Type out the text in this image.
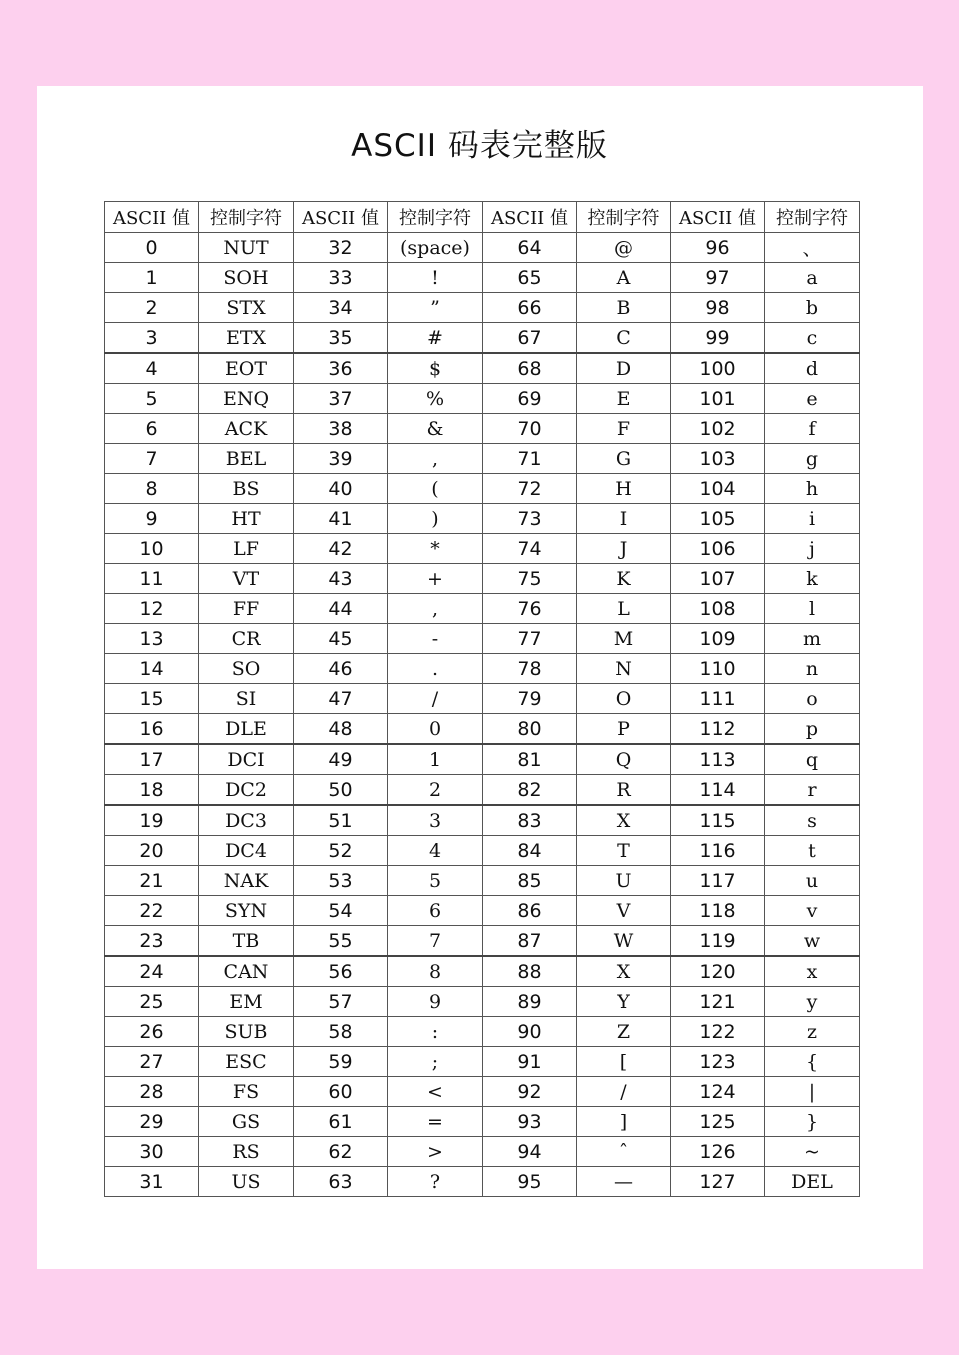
ASCII 码表完整版
ASCII 值	控制字符	ASCII 值	控制字符	ASCII 值	控制字符	ASCII 值	控制字符
0	NUT	32	(space)	64	@	96	、
1	SOH	33	!	65	A	97	a
2	STX	34	”	66	B	98	b
3	ETX	35	#	67	C	99	c
4	EOT	36	$	68	D	100	d
5	ENQ	37	%	69	E	101	e
6	ACK	38	&	70	F	102	f
7	BEL	39	,	71	G	103	g
8	BS	40	(	72	H	104	h
9	HT	41	)	73	I	105	i
10	LF	42	*	74	J	106	j
11	VT	43	+	75	K	107	k
12	FF	44	,	76	L	108	l
13	CR	45	-	77	M	109	m
14	SO	46	.	78	N	110	n
15	SI	47	/	79	O	111	o
16	DLE	48	0	80	P	112	p
17	DCI	49	1	81	Q	113	q
18	DC2	50	2	82	R	114	r
19	DC3	51	3	83	X	115	s
20	DC4	52	4	84	T	116	t
21	NAK	53	5	85	U	117	u
22	SYN	54	6	86	V	118	v
23	TB	55	7	87	W	119	w
24	CAN	56	8	88	X	120	x
25	EM	57	9	89	Y	121	y
26	SUB	58	:	90	Z	122	z
27	ESC	59	;	91	[	123	{
28	FS	60	<	92	/	124	|
29	GS	61	=	93	]	125	}
30	RS	62	>	94	ˆ	126	~
31	US	63	?	95	—	127	DEL
